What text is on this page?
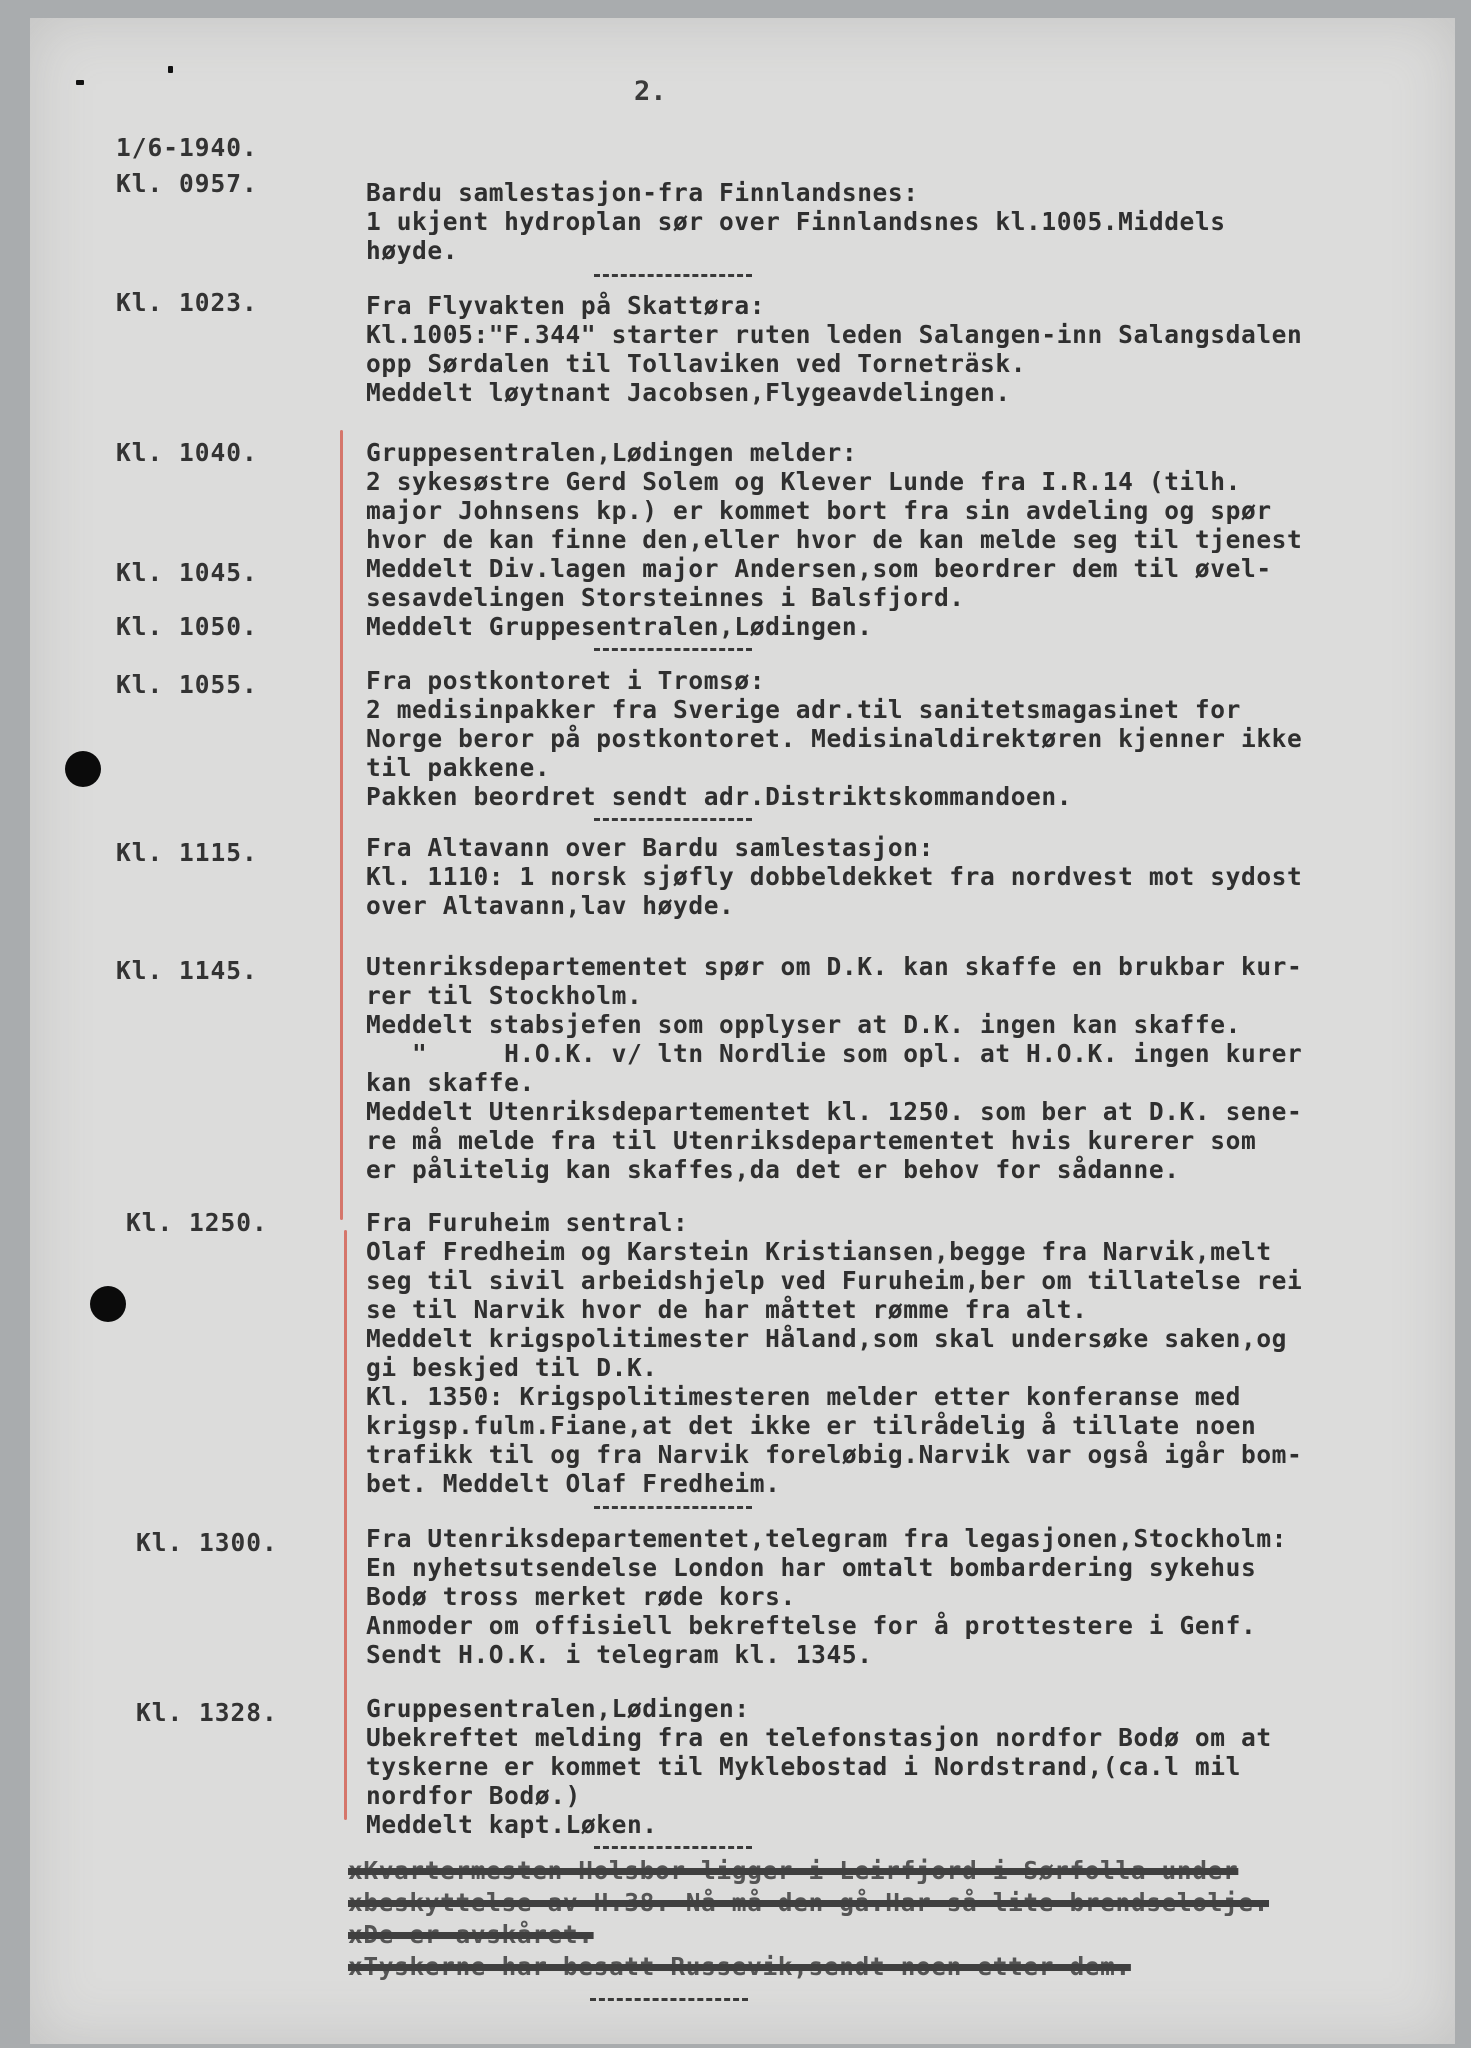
2.
1/6-1940.
Kl. 0957.	Bardu samlestasjon-fra Finnlandsnes:
1 ukjent hydroplan sør over Finnlandsnes kl.1005.Middels
høyde.
Kl. 1023.	Fra Flyvakten på Skattøra:
Kl.1005:"F.344" starter ruten leden Salangen-inn Salangsdalen
opp Sørdalen til Tollaviken ved Torneträsk.
Meddelt løytnant Jacobsen,Flygeavdelingen.
Kl. 1040.	Gruppesentralen,Lødingen melder:
2 sykesøstre Gerd Solem og Klever Lunde fra I.R.14 (tilh.
major Johnsens kp.) er kommet bort fra sin avdeling og spør
hvor de kan finne den,eller hvor de kan melde seg til tjenest
Kl. 1045.	Meddelt Div.lagen major Andersen,som beordrer dem til øvel-
sesavdelingen Storsteinnes i Balsfjord.
Kl. 1050.	Meddelt Gruppesentralen,Lødingen.
Kl. 1055.	Fra postkontoret i Tromsø:
2 medisinpakker fra Sverige adr.til sanitetsmagasinet for
Norge beror på postkontoret. Medisinaldirektøren kjenner ikke
til pakkene.
Pakken beordret sendt adr.Distriktskommandoen.
Kl. 1115.	Fra Altavann over Bardu samlestasjon:
Kl. 1110: 1 norsk sjøfly dobbeldekket fra nordvest mot sydost
over Altavann,lav høyde.
Kl. 1145.	Utenriksdepartementet spør om D.K. kan skaffe en brukbar kur-
rer til Stockholm.
Meddelt stabsjefen som opplyser at D.K. ingen kan skaffe.
"     H.O.K. v/ ltn Nordlie som opl. at H.O.K. ingen kurer
kan skaffe.
Meddelt Utenriksdepartementet kl. 1250. som ber at D.K. sene-
re må melde fra til Utenriksdepartementet hvis kurerer som
er pålitelig kan skaffes,da det er behov for sådanne.
Kl. 1250.	Fra Furuheim sentral:
Olaf Fredheim og Karstein Kristiansen,begge fra Narvik,melt
seg til sivil arbeidshjelp ved Furuheim,ber om tillatelse rei
se til Narvik hvor de har måttet rømme fra alt.
Meddelt krigspolitimester Håland,som skal undersøke saken,og
gi beskjed til D.K.
Kl. 1350: Krigspolitimesteren melder etter konferanse med
krigsp.fulm.Fiane,at det ikke er tilrådelig å tillate noen
trafikk til og fra Narvik foreløbig.Narvik var også igår bom-
bet. Meddelt Olaf Fredheim.
Kl. 1300.	Fra Utenriksdepartementet,telegram fra legasjonen,Stockholm:
En nyhetsutsendelse London har omtalt bombardering sykehus
Bodø tross merket røde kors.
Anmoder om offisiell bekreftelse for å prottestere i Genf.
Sendt H.O.K. i telegram kl. 1345.
Kl. 1328.	Gruppesentralen,Lødingen:
Ubekreftet melding fra en telefonstasjon nordfor Bodø om at
tyskerne er kommet til Myklebostad i Nordstrand,(ca.l mil
nordfor Bodø.)
Meddelt kapt.Løken.
xKvartermesten Holsbor ligger i Leirfjord i Sørfolla under
xbeskyttelse av H.38. Nå må den gå.Har så lite brendselolje.
xDe er avskåret.
xTyskerne har besatt Russevik,sendt noen etter dem.
